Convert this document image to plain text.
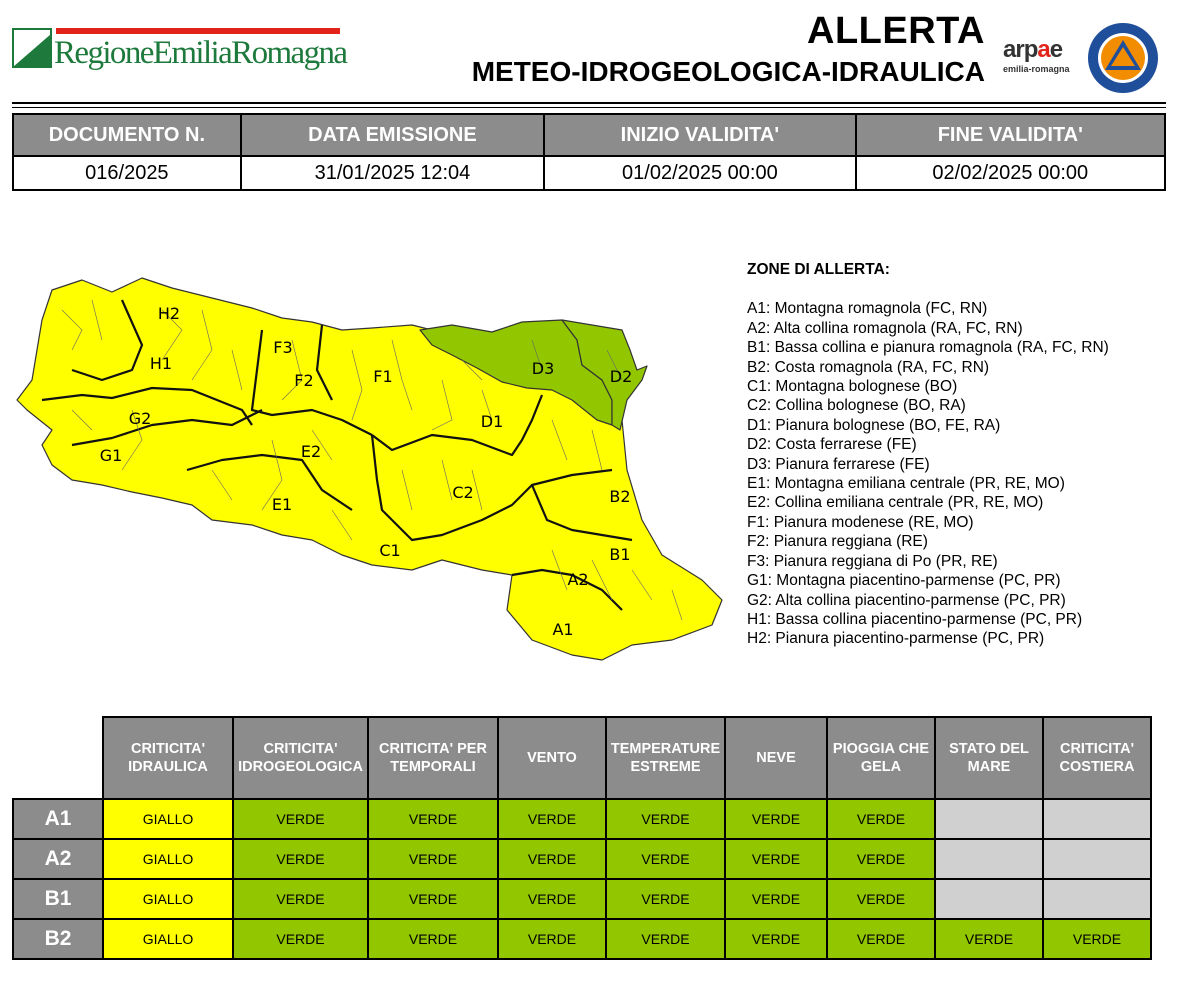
RegioneEmiliaRomagna
ALLERTA
METEO-IDROGEOLOGICA-IDRAULICA
arpae
emilia-romagna
DOCUMENTO N.	DATA EMISSIONE	INIZIO VALIDITA'	FINE VALIDITA'
016/2025	31/01/2025 12:04	01/02/2025 00:00	02/02/2025 00:00
H2
H1
G2
G1
F3
F2	F1
E2
E1
D3	D2
D1
C2
C1
B2
B1
A2
A1
ZONE DI ALLERTA:
A1: Montagna romagnola (FC, RN)
A2: Alta collina romagnola (RA, FC, RN)
B1: Bassa collina e pianura romagnola (RA, FC, RN)
B2: Costa romagnola (RA, FC, RN)
C1: Montagna bolognese (BO)
C2: Collina bolognese (BO, RA)
D1: Pianura bolognese (BO, FE, RA)
D2: Costa ferrarese (FE)
D3: Pianura ferrarese (FE)
E1: Montagna emiliana centrale (PR, RE, MO)
E2: Collina emiliana centrale (PR, RE, MO)
F1: Pianura modenese (RE, MO)
F2: Pianura reggiana (RE)
F3: Pianura reggiana di Po (PR, RE)
G1: Montagna piacentino-parmense (PC, PR)
G2: Alta collina piacentino-parmense (PC, PR)
H1: Bassa collina piacentino-parmense (PC, PR)
H2: Pianura piacentino-parmense (PC, PR)
	CRITICITA' IDRAULICA	CRITICITA' IDROGEOLOGICA	CRITICITA' PER TEMPORALI	VENTO	TEMPERATURE ESTREME	NEVE	PIOGGIA CHE GELA	STATO DEL MARE	CRITICITA' COSTIERA
A1	GIALLO	VERDE	VERDE	VERDE	VERDE	VERDE	VERDE		
A2	GIALLO	VERDE	VERDE	VERDE	VERDE	VERDE	VERDE		
B1	GIALLO	VERDE	VERDE	VERDE	VERDE	VERDE	VERDE		
B2	GIALLO	VERDE	VERDE	VERDE	VERDE	VERDE	VERDE	VERDE	VERDE
